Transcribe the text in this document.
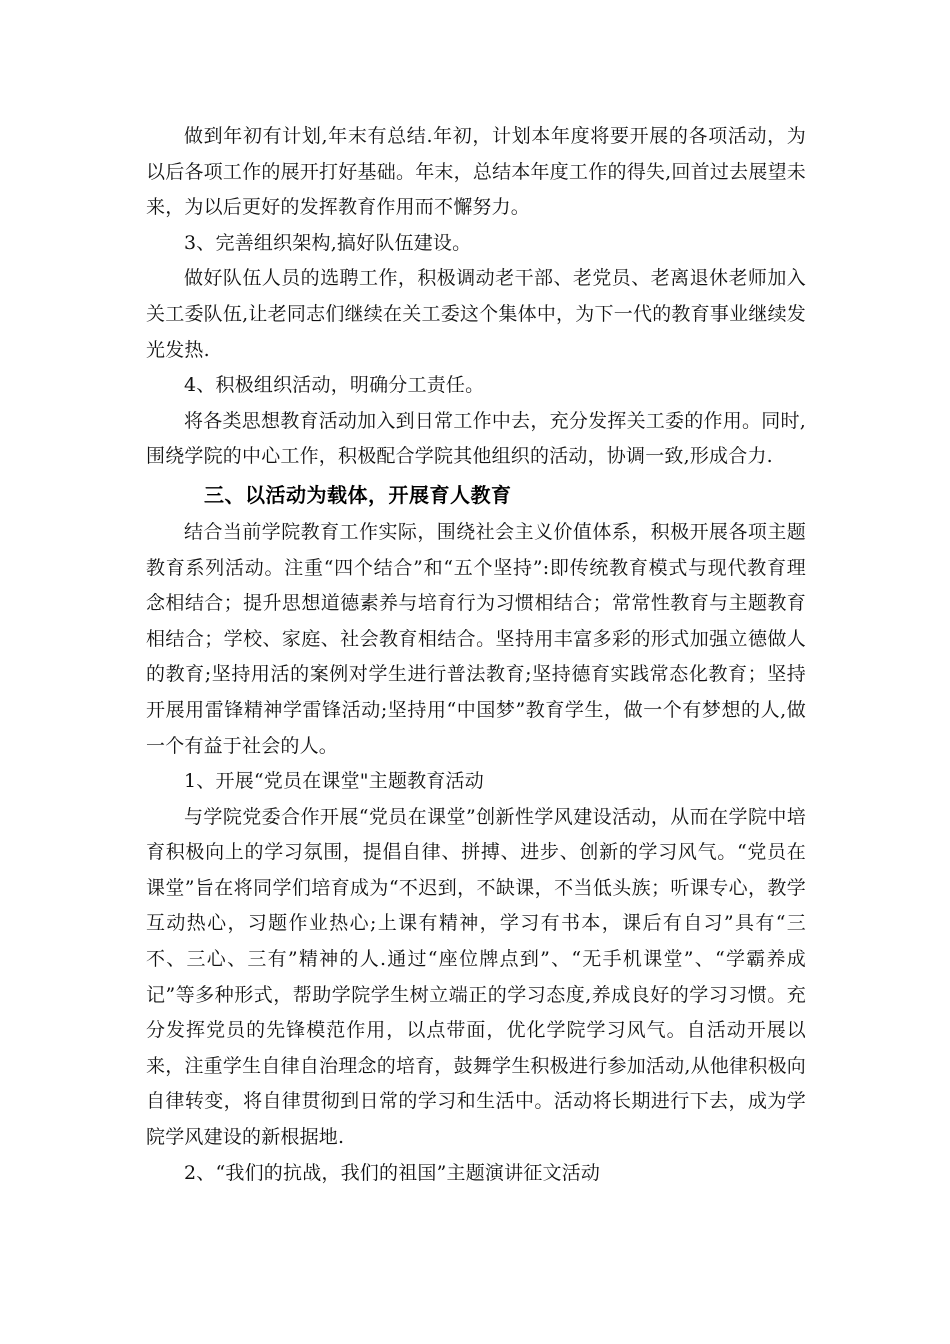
做到年初有计划,年末有总结.年初，计划本年度将要开展的各项活动，为以后各项工作的展开打好基础。年末，总结本年度工作的得失,回首过去展望未来，为以后更好的发挥教育作用而不懈努力。

3、完善组织架构,搞好队伍建设。

做好队伍人员的选聘工作，积极调动老干部、老党员、老离退休老师加入关工委队伍,让老同志们继续在关工委这个集体中，为下一代的教育事业继续发光发热.

4、积极组织活动，明确分工责任。

将各类思想教育活动加入到日常工作中去，充分发挥关工委的作用。同时,围绕学院的中心工作，积极配合学院其他组织的活动，协调一致,形成合力.

三、以活动为载体，开展育人教育

结合当前学院教育工作实际，围绕社会主义价值体系，积极开展各项主题教育系列活动。注重“四个结合”和“五个坚持”:即传统教育模式与现代教育理念相结合；提升思想道德素养与培育行为习惯相结合；常常性教育与主题教育相结合；学校、家庭、社会教育相结合。坚持用丰富多彩的形式加强立德做人的教育;坚持用活的案例对学生进行普法教育;坚持德育实践常态化教育；坚持开展用雷锋精神学雷锋活动;坚持用“中国梦”教育学生，做一个有梦想的人,做一个有益于社会的人。

1、开展“党员在课堂"主题教育活动

与学院党委合作开展“党员在课堂”创新性学风建设活动，从而在学院中培育积极向上的学习氛围，提倡自律、拼搏、进步、创新的学习风气。“党员在课堂”旨在将同学们培育成为“不迟到，不缺课，不当低头族；听课专心，教学互动热心，习题作业热心;上课有精神，学习有书本，课后有自习”具有“三不、三心、三有”精神的人.通过“座位牌点到”、“无手机课堂”、“学霸养成记”等多种形式，帮助学院学生树立端正的学习态度,养成良好的学习习惯。充分发挥党员的先锋模范作用，以点带面，优化学院学习风气。自活动开展以来，注重学生自律自治理念的培育，鼓舞学生积极进行参加活动,从他律积极向自律转变，将自律贯彻到日常的学习和生活中。活动将长期进行下去，成为学院学风建设的新根据地.

2、“我们的抗战，我们的祖国”主题演讲征文活动
